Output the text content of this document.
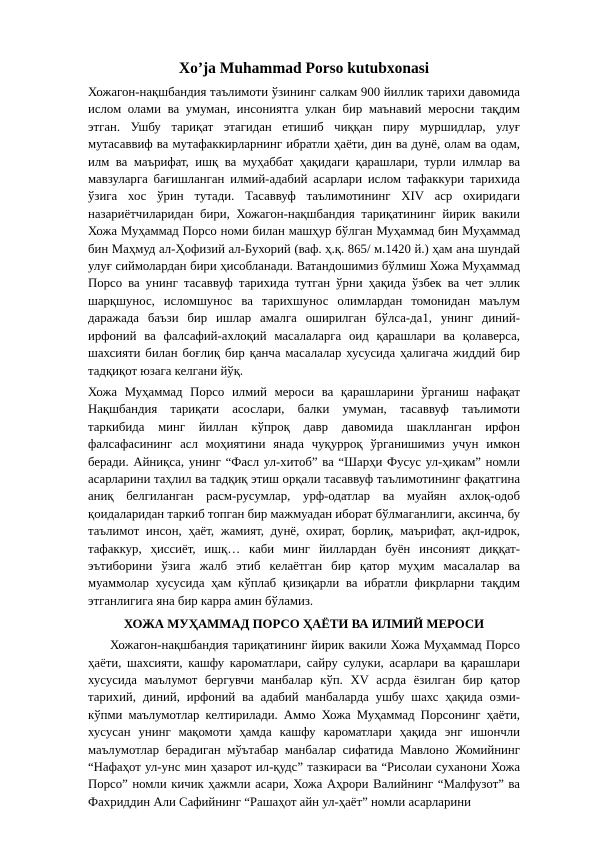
Xo’ja Muhammad Porso kutubxonasi

Хожагон-нақшбандия таълимоти ўзининг салкам 900 йиллик тарихи давомида ислом олами ва умуман, инсониятга улкан бир маънавий меросни тақдим этган. Ушбу тариқат этагидан етишиб чиққан пиру муршидлар, улуғ мутасаввиф ва мутафаккирларнинг ибратли ҳаёти, дин ва дунё, олам ва одам, илм ва маърифат, ишқ ва муҳаббат ҳақидаги қарашлари, турли илмлар ва мавзуларга бағишланган илмий-адабий асарлари ислом тафаккури тарихида ўзига хос ўрин тутади. Тасаввуф таълимотининг XIV аср охиридаги назариётчиларидан бири, Хожагон-нақшбандия тариқатининг йирик вакили Хожа Муҳаммад Порсо номи билан машҳур бўлган Муҳаммад бин Муҳаммад бин Маҳмуд ал-Ҳофизий ал-Бухорий (ваф. ҳ.қ. 865/ м.1420 й.) ҳам ана шундай улуғ сиймолардан бири ҳисобланади. Ватандошимиз бўлмиш Хожа Муҳаммад Порсо ва унинг тасаввуф тарихида тутган ўрни ҳақида ўзбек ва чет эллик шарқшунос, исломшунос ва тарихшунос олимлардан томонидан маълум даражада баъзи бир ишлар амалга оширилган бўлса-да1, унинг диний-ирфоний ва фалсафий-ахлоқий масалаларга оид қарашлари ва қолаверса, шахсияти билан боғлиқ бир қанча масалалар хусусида ҳалигача жиддий бир тадқиқот юзага келгани йўқ.

Хожа Муҳаммад Порсо илмий мероси ва қарашларини ўрганиш нафақат Нақшбандия тариқати асослари, балки умуман, тасаввуф таълимоти таркибида минг йиллан кўпроқ давр давомида шаклланган ирфон фалсафасининг асл моҳиятини янада чуқурроқ ўрганишимиз учун имкон беради. Айниқса, унинг “Фасл ул-хитоб” ва “Шарҳи Фусус ул-ҳикам” номли асарларини таҳлил ва тадқиқ этиш орқали тасаввуф таълимотининг фақатгина аниқ белгиланган расм-русумлар, урф-одатлар ва муайян ахлоқ-одоб қоидаларидан таркиб топган бир мажмуадан иборат бўлмаганлиги, аксинча, бу таълимот инсон, ҳаёт, жамият, дунё, охират, борлиқ, маърифат, ақл-идрок, тафаккур, ҳиссиёт, ишқ… каби минг йиллардан буён инсоният диққат-эътиборини ўзига жалб этиб келаётган бир қатор муҳим масалалар ва муаммолар хусусида ҳам кўплаб қизиқарли ва ибратли фикрларни тақдим этганлигига яна бир карра амин бўламиз.

ХОЖА МУҲАММАД ПОРСО ҲАЁТИ ВА ИЛМИЙ МЕРОСИ

Хожагон-нақшбандия тариқатининг йирик вакили Хожа Муҳаммад Порсо ҳаёти, шахсияти, кашфу кароматлари, сайру сулуки, асарлари ва қарашлари хусусида маълумот бергувчи манбалар кўп. XV асрда ёзилган бир қатор тарихий, диний, ирфоний ва адабий манбаларда ушбу шахс ҳақида озми-кўпми маълумотлар келтирилади. Аммо Хожа Муҳаммад Порсонинг ҳаёти, хусусан унинг мақомоти ҳамда кашфу кароматлари ҳақида энг ишончли маълумотлар берадиган мўътабар манбалар сифатида Мавлоно Жомийнинг “Нафаҳот ул-унс мин ҳазарот ил-қудс” тазкираси ва “Рисолаи суханони Хожа Порсо” номли кичик ҳажмли асари, Хожа Аҳрори Валийнинг “Малфузот” ва Фахриддин Али Сафийнинг “Рашаҳот айн ул-ҳаёт” номли асарларини
